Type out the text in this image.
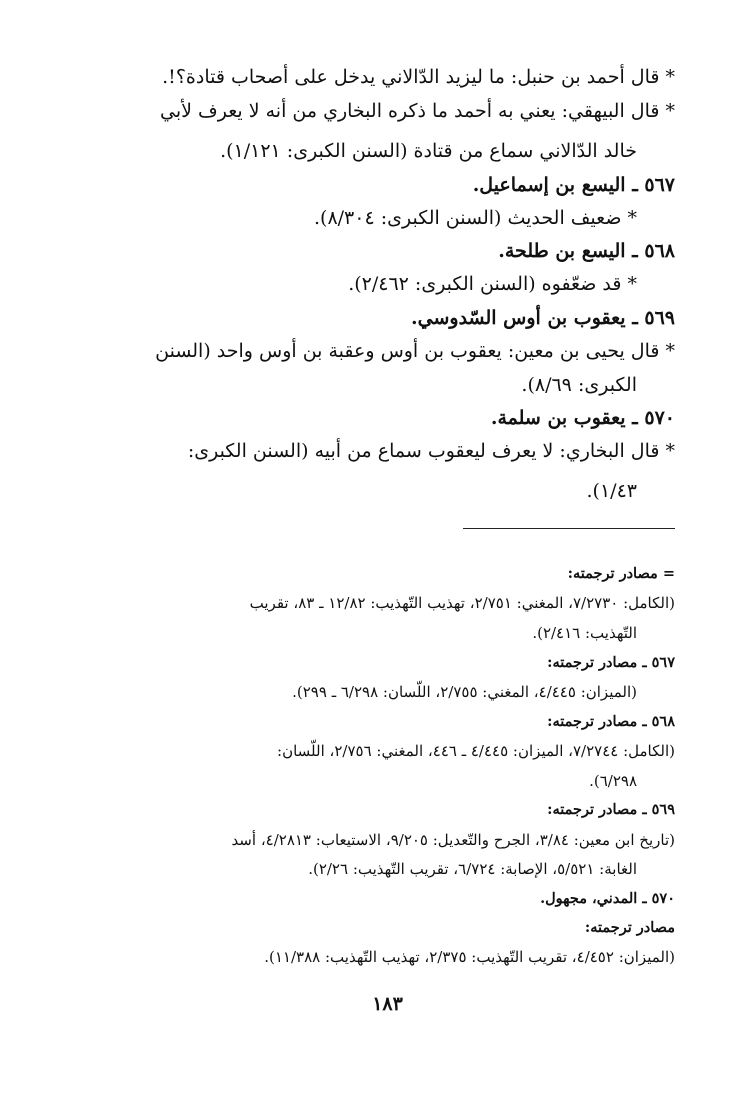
* قال أحمد بن حنبل: ما ليزيد الدّالاني يدخل على أصحاب قتادة؟!.
* قال البيهقي: يعني به أحمد ما ذكره البخاري من أنه لا يعرف لأبي
خالد الدّالاني سماع من قتادة (السنن الكبرى: ١/١٢١).
٥٦٧ ـ اليسع بن إسماعيل.
* ضعيف الحديث (السنن الكبرى: ٨/٣٠٤).
٥٦٨ ـ اليسع بن طلحة.
* قد ضعّفوه (السنن الكبرى: ٢/٤٦٢).
٥٦٩ ـ يعقوب بن أوس السّدوسي.
* قال يحيى بن معين: يعقوب بن أوس وعقبة بن أوس واحد (السنن
الكبرى: ٨/٦٩).
٥٧٠ ـ يعقوب بن سلمة.
* قال البخاري: لا يعرف ليعقوب سماع من أبيه (السنن الكبرى:
١/٤٣).
= مصادر ترجمته:
(الكامل: ٧/٢٧٣٠، المغني: ٢/٧٥١، تهذيب التّهذيب: ١٢/٨٢ ـ ٨٣، تقريب
التّهذيب: ٢/٤١٦).
٥٦٧ ـ مصادر ترجمته:
(الميزان: ٤/٤٤٥، المغني: ٢/٧٥٥، اللّسان: ٦/٢٩٨ ـ ٢٩٩).
٥٦٨ ـ مصادر ترجمته:
(الكامل: ٧/٢٧٤٤، الميزان: ٤/٤٤٥ ـ ٤٤٦، المغني: ٢/٧٥٦، اللّسان:
٦/٢٩٨).
٥٦٩ ـ مصادر ترجمته:
(تاريخ ابن معين: ٣/٨٤، الجرح والتّعديل: ٩/٢٠٥، الاستيعاب: ٤/٢٨١٣، أسد
الغابة: ٥/٥٢١، الإصابة: ٦/٧٢٤، تقريب التّهذيب: ٢/٢٦).
٥٧٠ ـ المدني، مجهول.
مصادر ترجمته:
(الميزان: ٤/٤٥٢، تقريب التّهذيب: ٢/٣٧٥، تهذيب التّهذيب: ١١/٣٨٨).
١٨٣
